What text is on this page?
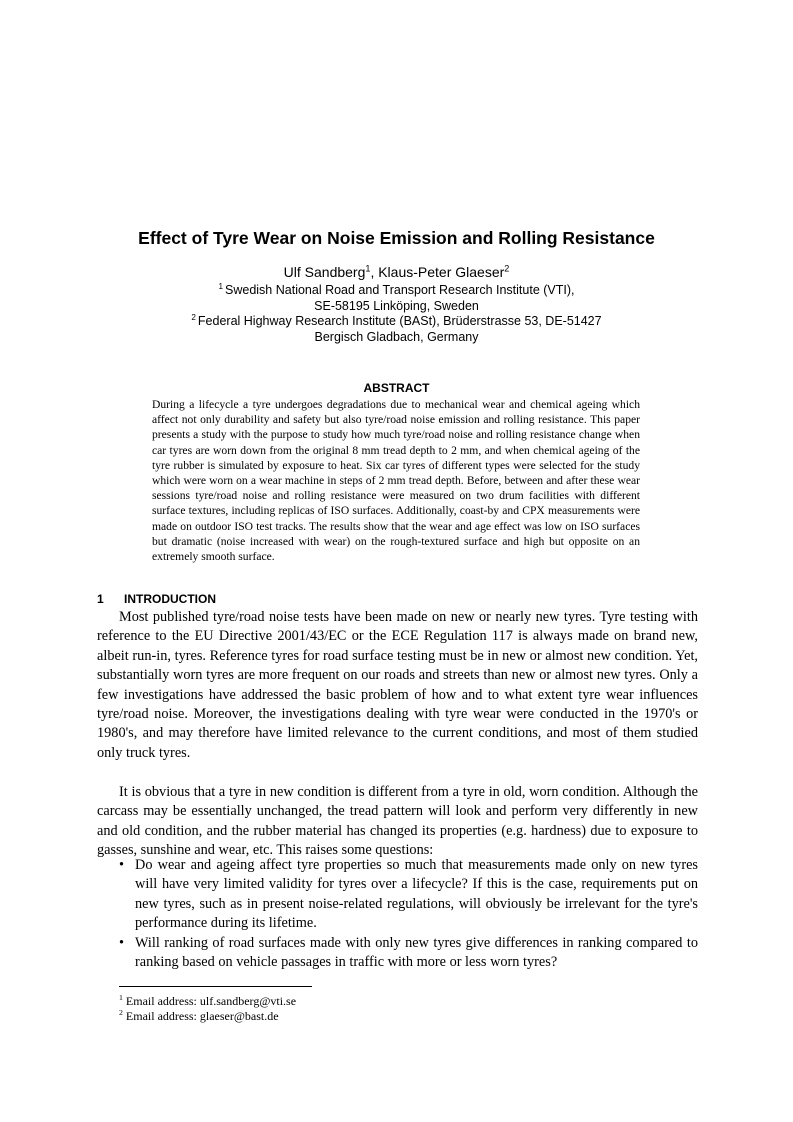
Effect of Tyre Wear on Noise Emission and Rolling Resistance
Ulf Sandberg$^1$, Klaus-Peter Glaeser$^2$
$^1$ Swedish National Road and Transport Research Institute (VTI),
SE-58195 Linköping, Sweden
$^2$ Federal Highway Research Institute (BASt), Brüderstrasse 53, DE-51427
Bergisch Gladbach, Germany
ABSTRACT

During a lifecycle a tyre undergoes degradations due to mechanical wear and chemical ageing which affect not only durability and safety but also tyre/road noise emission and rolling resistance. This paper presents a study with the purpose to study how much tyre/road noise and rolling resistance change when car tyres are worn down from the original 8 mm tread depth to 2 mm, and when chemical ageing of the tyre rubber is simulated by exposure to heat. Six car tyres of different types were selected for the study which were worn on a wear machine in steps of 2 mm tread depth. Before, between and after these wear sessions tyre/road noise and rolling resistance were measured on two drum facilities with different surface textures, including replicas of ISO surfaces. Additionally, coast-by and CPX measurements were made on outdoor ISO test tracks. The results show that the wear and age effect was low on ISO surfaces but dramatic (noise increased with wear) on the rough-textured surface and high but opposite on an extremely smooth surface.

1 INTRODUCTION

Most published tyre/road noise tests have been made on new or nearly new tyres. Tyre testing with reference to the EU Directive 2001/43/EC or the ECE Regulation 117 is always made on brand new, albeit run-in, tyres. Reference tyres for road surface testing must be in new or almost new condition. Yet, substantially worn tyres are more frequent on our roads and streets than new or almost new tyres. Only a few investigations have addressed the basic problem of how and to what extent tyre wear influences tyre/road noise. Moreover, the investigations dealing with tyre wear were conducted in the 1970's or 1980's, and may therefore have limited relevance to the current conditions, and most of them studied only truck tyres.

It is obvious that a tyre in new condition is different from a tyre in old, worn condition. Although the carcass may be essentially unchanged, the tread pattern will look and perform very differently in new and old condition, and the rubber material has changed its properties (e.g. hardness) due to exposure to gasses, sunshine and wear, etc. This raises some questions:

• Do wear and ageing affect tyre properties so much that measurements made only on new tyres will have very limited validity for tyres over a lifecycle? If this is the case, requirements put on new tyres, such as in present noise-related regulations, will obviously be irrelevant for the tyre's performance during its lifetime.
• Will ranking of road surfaces made with only new tyres give differences in ranking compared to ranking based on vehicle passages in traffic with more or less worn tyres?
$^1$ Email address: ulf.sandberg@vti.se
$^2$ Email address: glaeser@bast.de
